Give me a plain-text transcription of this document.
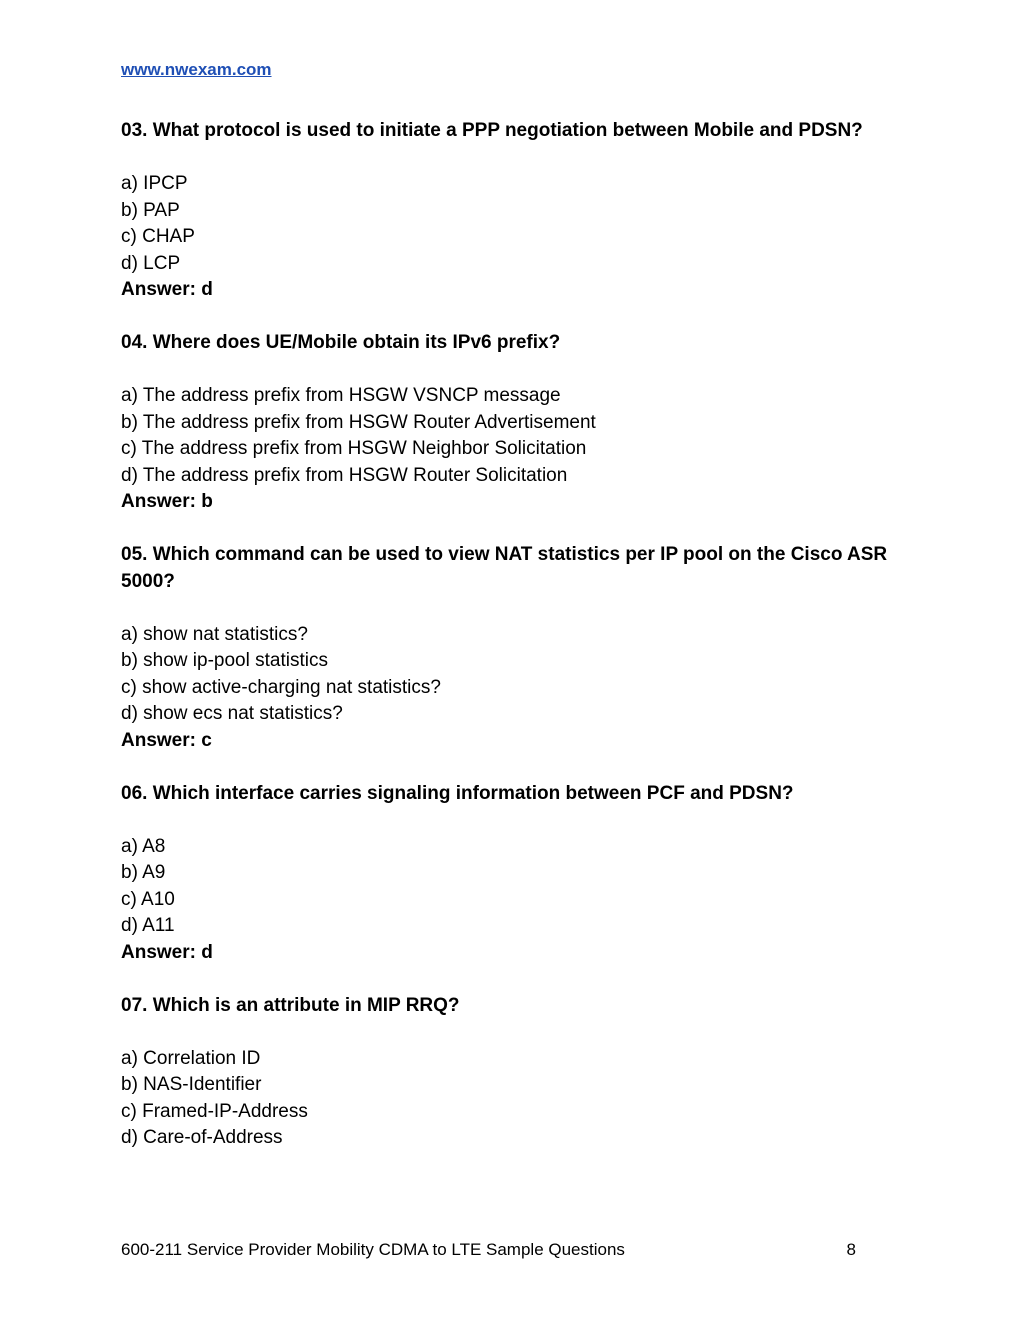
www.nwexam.com

03. What protocol is used to initiate a PPP negotiation between Mobile and PDSN?

a) IPCP
b) PAP
c) CHAP
d) LCP
Answer: d

04. Where does UE/Mobile obtain its IPv6 prefix?

a) The address prefix from HSGW VSNCP message
b) The address prefix from HSGW Router Advertisement
c) The address prefix from HSGW Neighbor Solicitation
d) The address prefix from HSGW Router Solicitation
Answer: b

05. Which command can be used to view NAT statistics per IP pool on the Cisco ASR 5000?

a) show nat statistics?
b) show ip-pool statistics
c) show active-charging nat statistics?
d) show ecs nat statistics?
Answer: c

06. Which interface carries signaling information between PCF and PDSN?

a) A8
b) A9
c) A10
d) A11
Answer: d

07. Which is an attribute in MIP RRQ?

a) Correlation ID
b) NAS-Identifier
c) Framed-IP-Address
d) Care-of-Address
600-211 Service Provider Mobility CDMA to LTE Sample Questions	8
